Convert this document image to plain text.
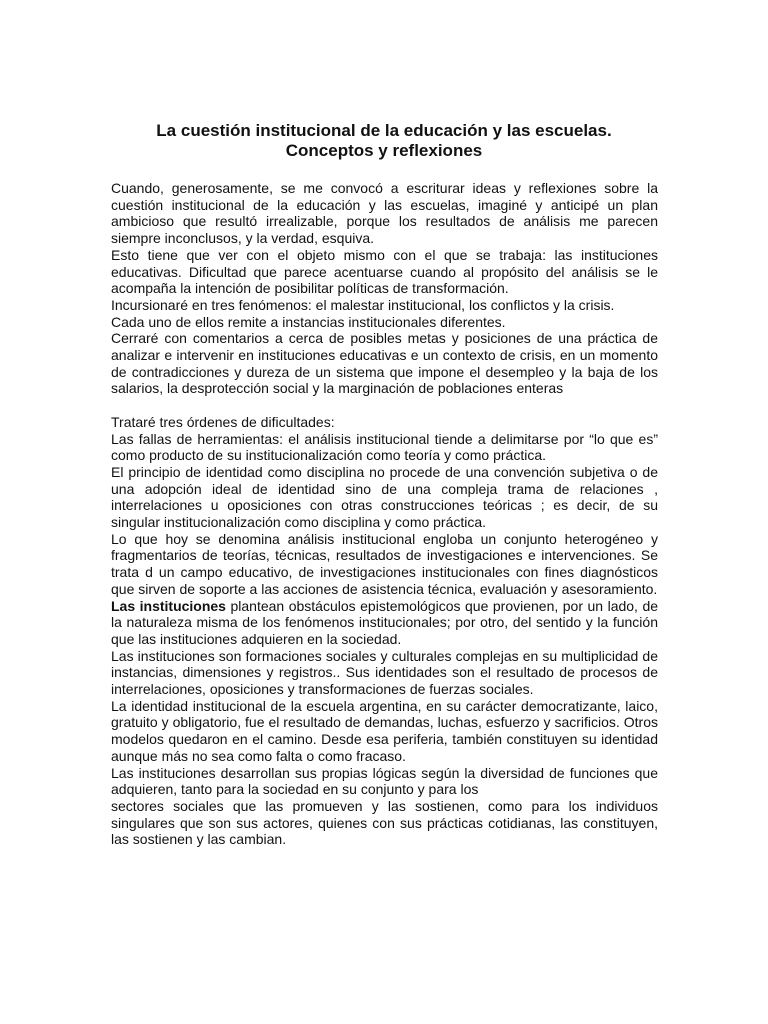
La cuestión institucional de la educación y las escuelas.
Conceptos y reflexiones

Cuando, generosamente, se me convocó a escriturar ideas y reflexiones sobre la cuestión institucional de la educación y las escuelas, imaginé y anticipé un plan ambicioso que resultó irrealizable, porque los resultados de análisis me parecen siempre inconclusos, y la verdad, esquiva.

Esto tiene que ver con el objeto mismo con el que se trabaja: las instituciones educativas. Dificultad que parece acentuarse cuando al propósito del análisis se le acompaña la intención de posibilitar políticas de transformación.

Incursionaré en tres fenómenos: el malestar institucional, los conflictos y la crisis.

Cada uno de ellos remite a instancias institucionales diferentes.

Cerraré con comentarios a cerca de posibles metas y posiciones de una práctica de analizar e intervenir en instituciones educativas e un contexto de crisis, en un momento de contradicciones y dureza de un sistema que impone el desempleo y la baja de los salarios, la desprotección social y la marginación de poblaciones enteras

Trataré tres órdenes de dificultades:

Las fallas de herramientas: el análisis institucional tiende a delimitarse por “lo que es” como producto de su institucionalización como teoría y como práctica.

El principio de identidad como disciplina no procede de una convención subjetiva o de una adopción ideal de identidad sino de una compleja trama de relaciones , interrelaciones u oposiciones con otras construcciones teóricas ; es decir, de su singular institucionalización como disciplina y como práctica.

Lo que hoy se denomina análisis institucional engloba un conjunto heterogéneo y fragmentarios de teorías, técnicas, resultados de investigaciones e intervenciones. Se trata d un campo educativo, de investigaciones institucionales con fines diagnósticos que sirven de soporte a las acciones de asistencia técnica, evaluación y asesoramiento.

Las instituciones plantean obstáculos epistemológicos que provienen, por un lado, de la naturaleza misma de los fenómenos institucionales; por otro, del sentido y la función que las instituciones adquieren en la sociedad.

Las instituciones son formaciones sociales y culturales complejas en su multiplicidad de instancias, dimensiones y registros.. Sus identidades son el resultado de procesos de interrelaciones, oposiciones y transformaciones de fuerzas sociales.

La identidad institucional de la escuela argentina, en su carácter democratizante, laico, gratuito y obligatorio, fue el resultado de demandas, luchas, esfuerzo y sacrificios. Otros modelos quedaron en el camino. Desde esa periferia, también constituyen su identidad aunque más no sea como falta o como fracaso.

Las instituciones desarrollan sus propias lógicas según la diversidad de funciones que adquieren, tanto para la sociedad en su conjunto y para los

sectores sociales que las promueven y las sostienen, como para los individuos singulares que son sus actores, quienes con sus prácticas cotidianas, las constituyen, las sostienen y las cambian.
